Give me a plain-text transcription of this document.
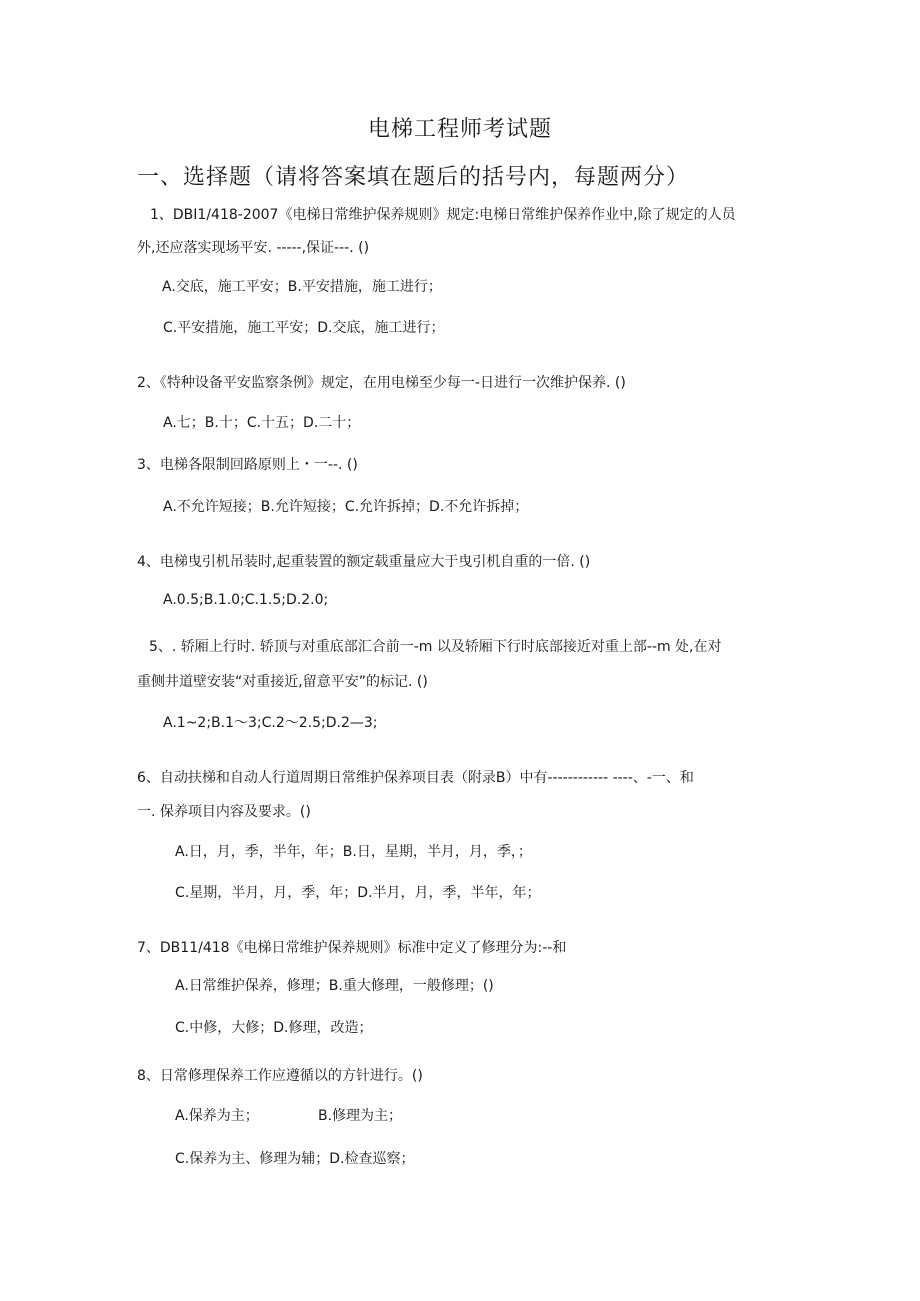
电梯工程师考试题
一、选择题（请将答案填在题后的括号内，每题两分）
1、DBI1/418-2007《电梯日常维护保养规则》规定:电梯日常维护保养作业中,除了规定的人员
外,还应落实现场平安. -----,保证---. ()
A.交底，施工平安；B.平安措施，施工进行；
C.平安措施，施工平安；D.交底，施工进行；
2、《特种设备平安监察条例》规定，在用电梯至少每一-日进行一次维护保养. ()
A.七；B.十；C.十五；D.二十；
3、电梯各限制回路原则上・一--. ()
A.不允许短接；B.允许短接；C.允许拆掉；D.不允许拆掉；
4、电梯曳引机吊装时,起重装置的额定载重量应大于曳引机自重的一倍. ()
A.0.5;B.1.0;C.1.5;D.2.0;
5、. 轿厢上行时. 轿顶与对重底部汇合前一-m 以及轿厢下行时底部接近对重上部--m 处,在对
重侧井道壁安装“对重接近,留意平安”的标记. ()
A.1~2;B.1～3;C.2～2.5;D.2—3;
6、自动扶梯和自动人行道周期日常维护保养项目表（附录B）中有------------ ----、-一、和
一. 保养项目内容及要求。()
A.日，月，季，半年，年；B.日，星期，半月，月，季，；
C.星期，半月，月，季，年；D.半月，月，季，半年，年；
7、DB11/418《电梯日常维护保养规则》标准中定义了修理分为:--和
A.日常维护保养，修理；B.重大修理，一般修理；()
C.中修，大修；D.修理，改造；
8、日常修理保养工作应遵循以的方针进行。()
A.保养为主；	B.修理为主；
C.保养为主、修理为辅；D.检查巡察；
